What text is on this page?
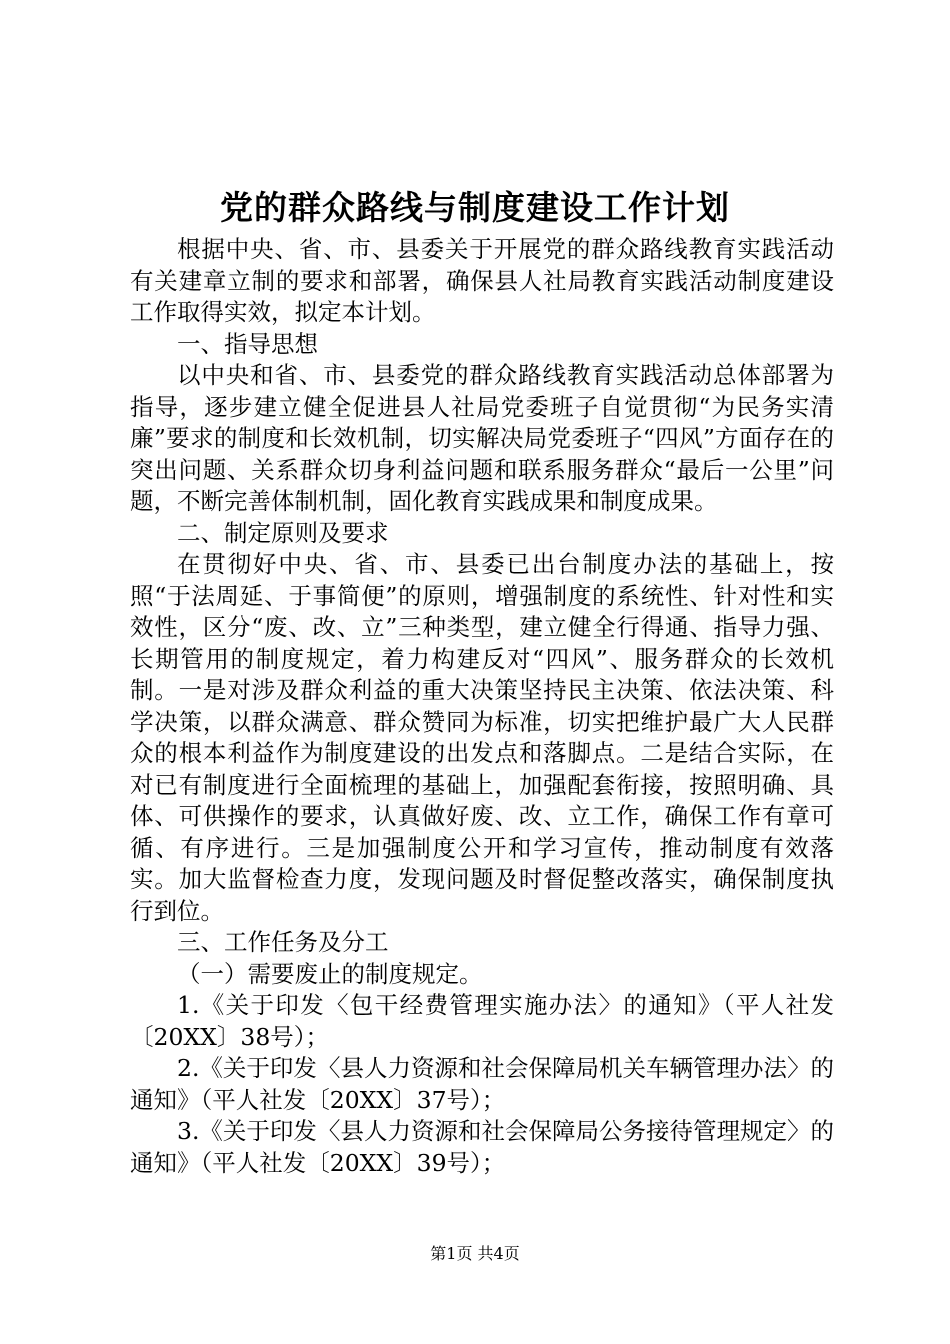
党的群众路线与制度建设工作计划

根据中央、省、市、县委关于开展党的群众路线教育实践活动有关建章立制的要求和部署，确保县人社局教育实践活动制度建设工作取得实效，拟定本计划。

一、指导思想

以中央和省、市、县委党的群众路线教育实践活动总体部署为指导，逐步建立健全促进县人社局党委班子自觉贯彻“为民务实清廉”要求的制度和长效机制，切实解决局党委班子“四风”方面存在的突出问题、关系群众切身利益问题和联系服务群众“最后一公里”问题，不断完善体制机制，固化教育实践成果和制度成果。

二、制定原则及要求

在贯彻好中央、省、市、县委已出台制度办法的基础上，按照“于法周延、于事简便”的原则，增强制度的系统性、针对性和实效性，区分“废、改、立”三种类型，建立健全行得通、指导力强、长期管用的制度规定，着力构建反对“四风”、服务群众的长效机制。一是对涉及群众利益的重大决策坚持民主决策、依法决策、科学决策，以群众满意、群众赞同为标准，切实把维护最广大人民群众的根本利益作为制度建设的出发点和落脚点。二是结合实际，在对已有制度进行全面梳理的基础上，加强配套衔接，按照明确、具体、可供操作的要求，认真做好废、改、立工作，确保工作有章可循、有序进行。三是加强制度公开和学习宣传，推动制度有效落实。加大监督检查力度，发现问题及时督促整改落实，确保制度执行到位。

三、工作任务及分工

（一）需要废止的制度规定。

1.《关于印发〈包干经费管理实施办法〉的通知》（平人社发〔20XX〕38号）；

2.《关于印发〈县人力资源和社会保障局机关车辆管理办法〉的通知》（平人社发〔20XX〕37号）；

3.《关于印发〈县人力资源和社会保障局公务接待管理规定〉的通知》（平人社发〔20XX〕39号）；

第1页 共4页
